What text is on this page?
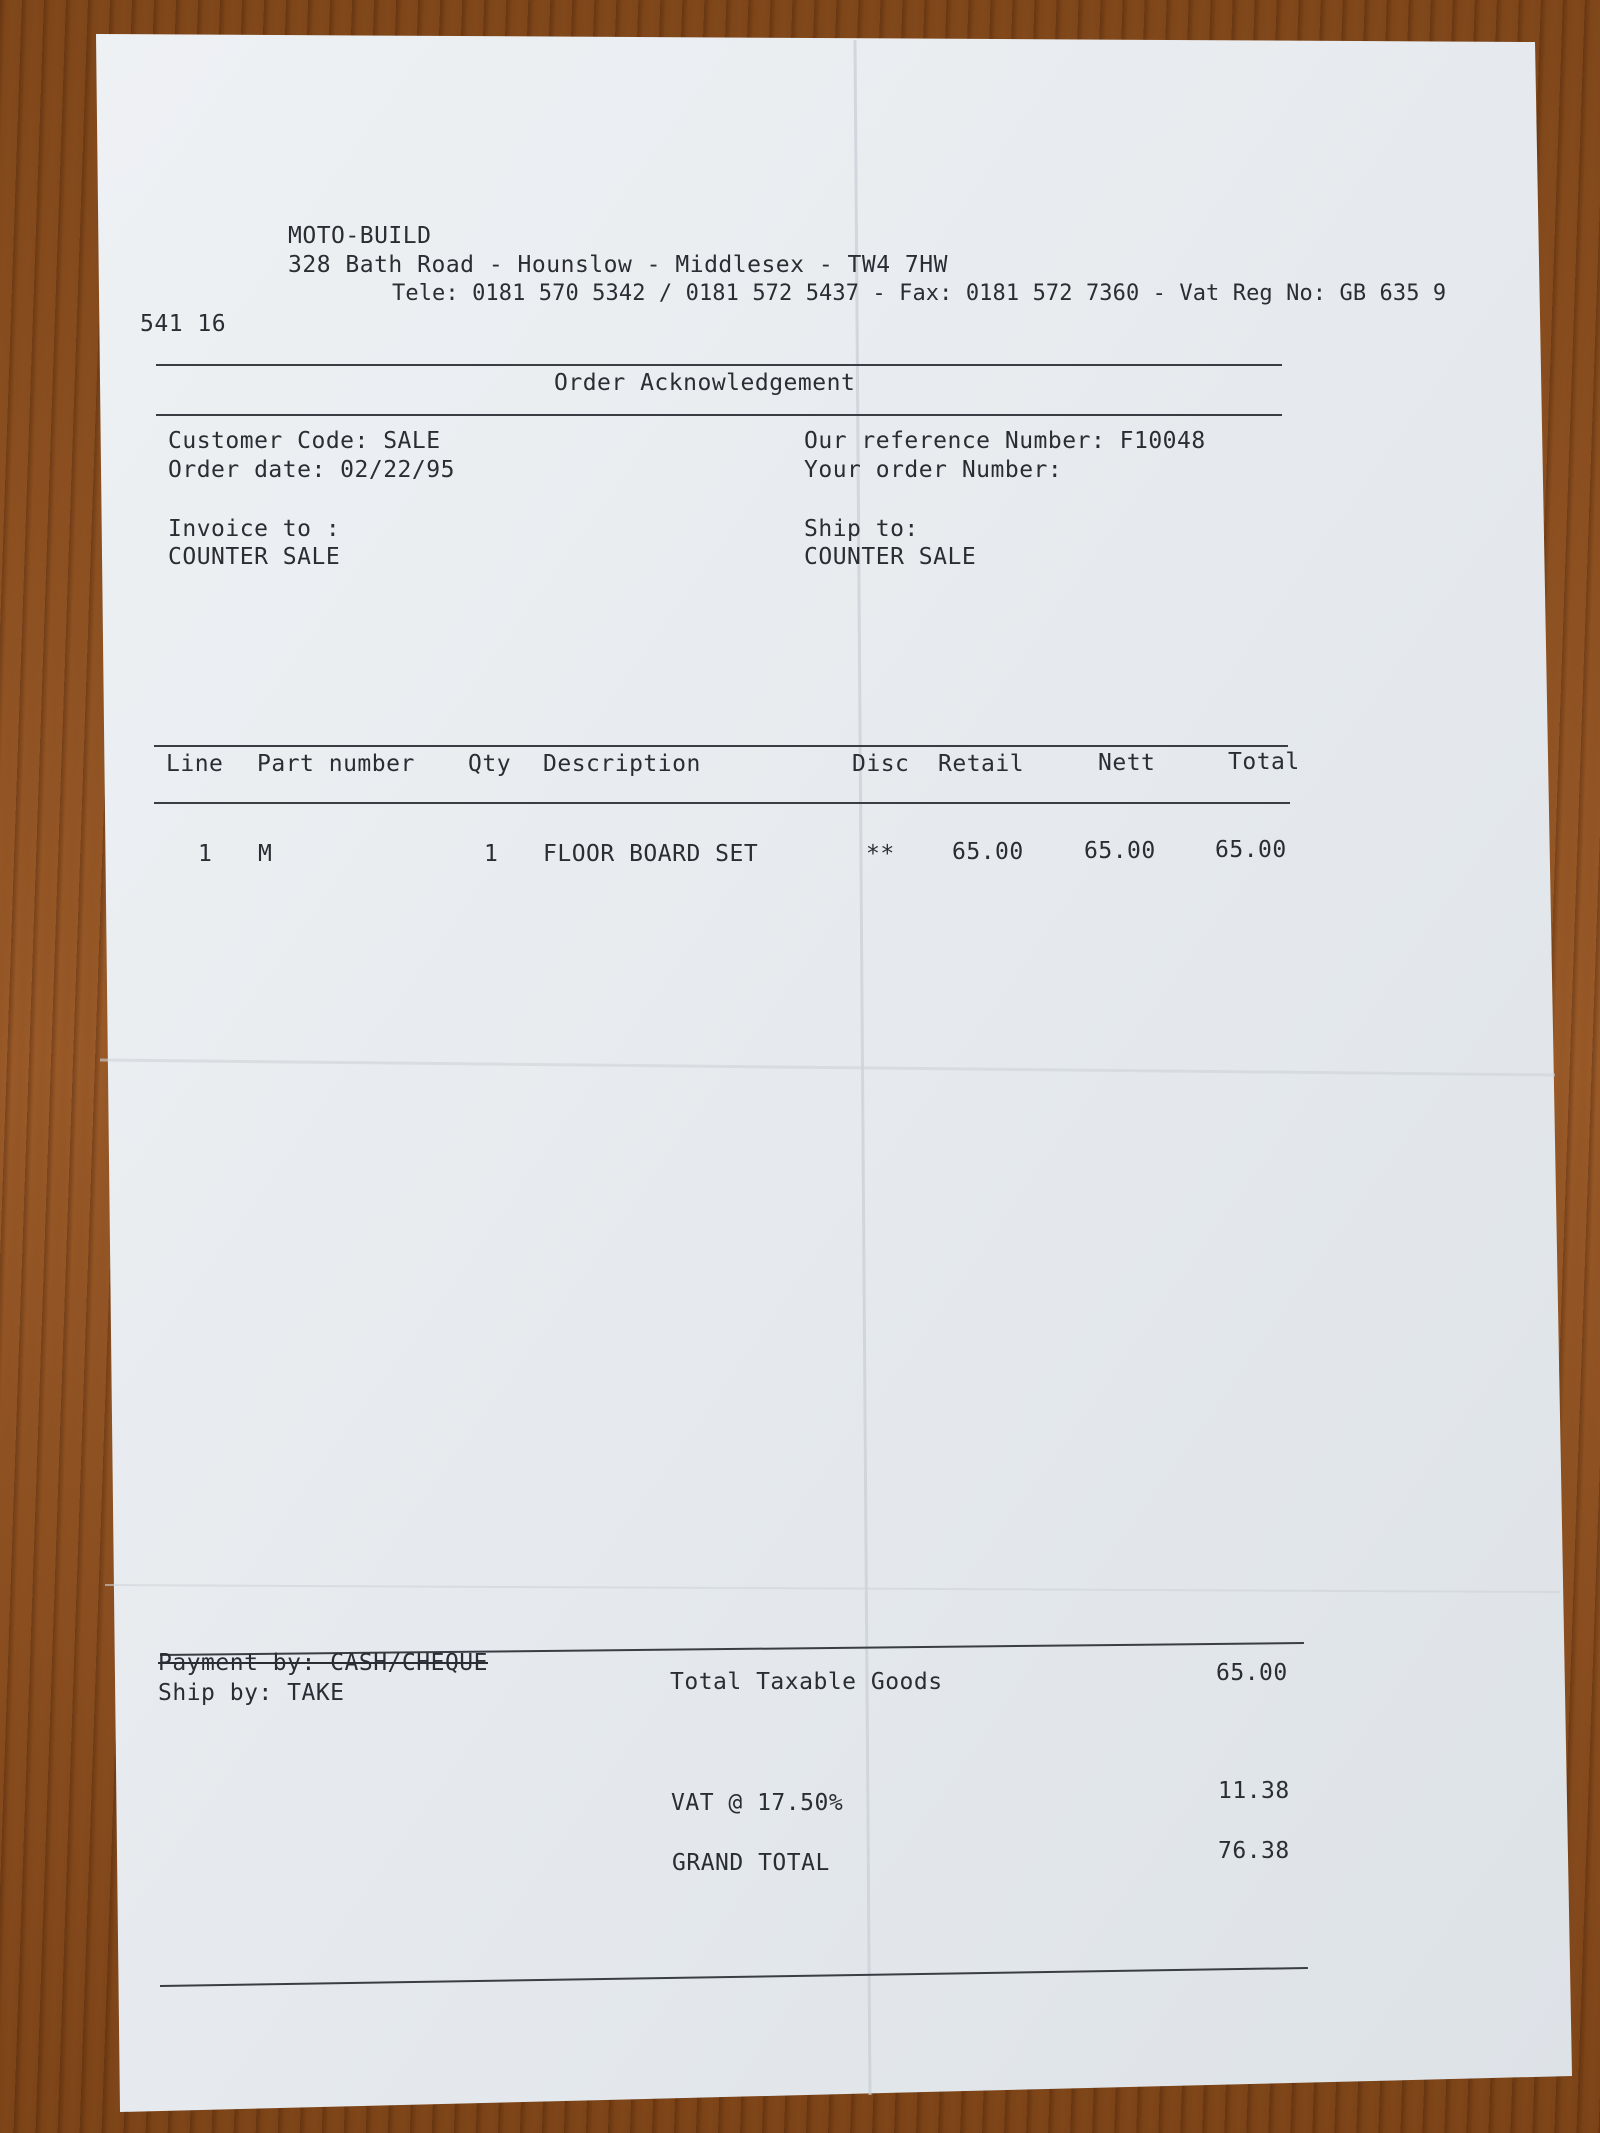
MOTO-BUILD
328 Bath Road - Hounslow - Middlesex - TW4 7HW
Tele: 0181 570 5342 / 0181 572 5437 - Fax: 0181 572 7360 - Vat Reg No: GB 635 9
541 16
Order Acknowledgement
Customer Code: SALE
Order date: 02/22/95
Our reference Number: F10048
Your order Number:
Invoice to :
COUNTER SALE
Ship to:
COUNTER SALE
Line Part number Qty Description	Disc Retail	Nett	Total
1 M	1 FLOOR BOARD SET	** 65.00	65.00	65.00
Payment by: CASH/CHEQUE
Ship by: TAKE	Total Taxable Goods	65.00
VAT @ 17.50%	11.38
GRAND TOTAL	76.38
